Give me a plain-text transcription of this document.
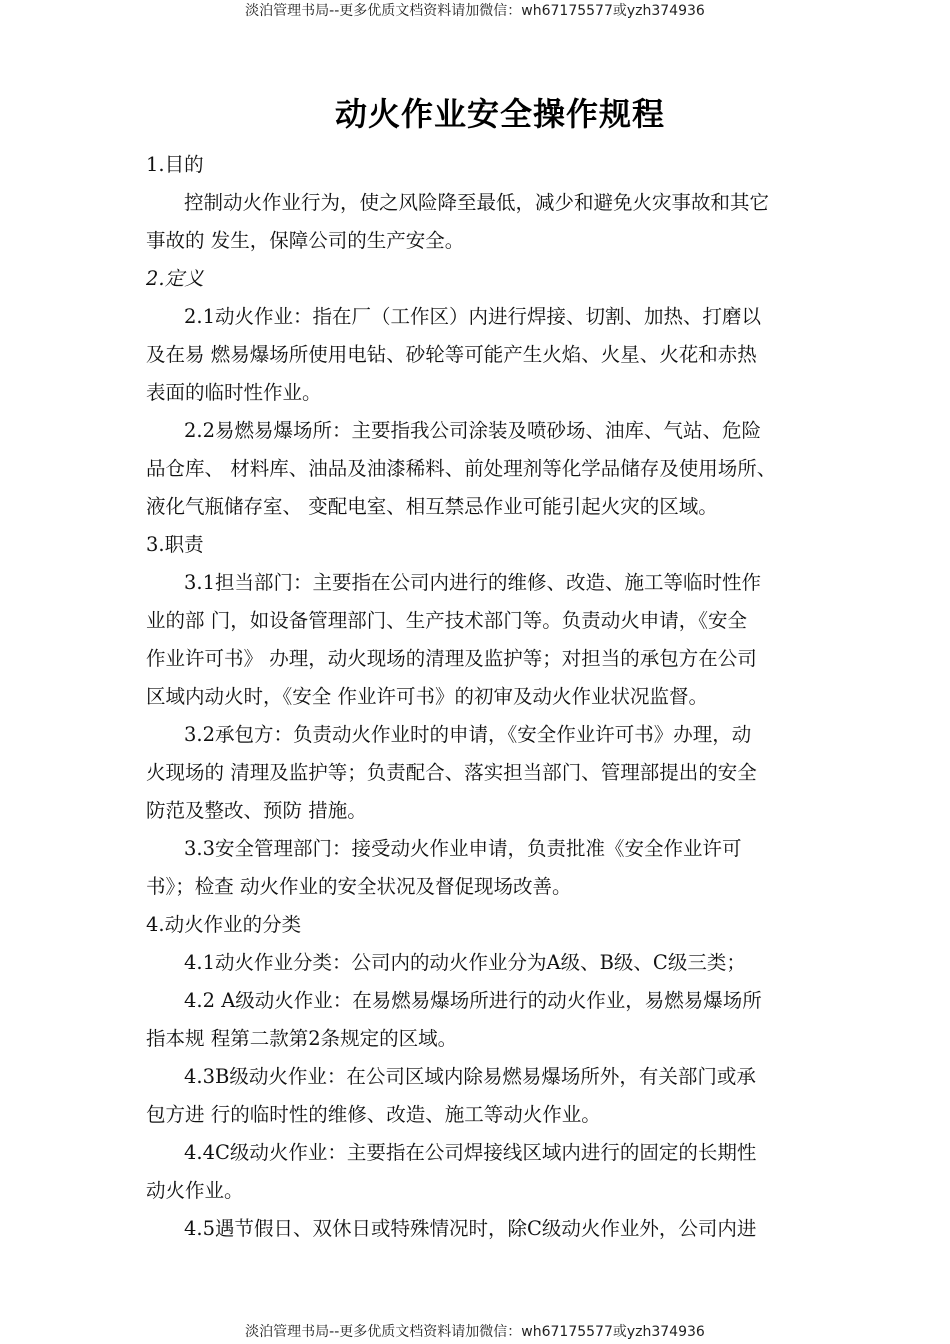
淡泊管理书局--更多优质文档资料请加微信：wh67175577或yzh374936
动火作业安全操作规程

1.目的

控制动火作业行为，使之风险降至最低，减少和避免火灾事故和其它

事故的 发生，保障公司的生产安全。

2.定义

2.1动火作业：指在厂（工作区）内进行焊接、切割、加热、打磨以

及在易 燃易爆场所使用电钻、砂轮等可能产生火焰、火星、火花和赤热

表面的临时性作业。

2.2易燃易爆场所：主要指我公司涂装及喷砂场、油库、气站、危险

品仓库、 材料库、油品及油漆稀料、前处理剂等化学品储存及使用场所、

液化气瓶储存室、 变配电室、相互禁忌作业可能引起火灾的区域。

3.职责

3.1担当部门：主要指在公司内进行的维修、改造、施工等临时性作

业的部 门，如设备管理部门、生产技术部门等。负责动火申请，《安全

作业许可书》 办理，动火现场的清理及监护等；对担当的承包方在公司

区域内动火时，《安全 作业许可书》的初审及动火作业状况监督。

3.2承包方：负责动火作业时的申请，《安全作业许可书》办理，动

火现场的 清理及监护等；负责配合、落实担当部门、管理部提出的安全

防范及整改、预防 措施。

3.3安全管理部门：接受动火作业申请，负责批准《安全作业许可

书》；检查 动火作业的安全状况及督促现场改善。

4.动火作业的分类

4.1动火作业分类：公司内的动火作业分为A级、B级、C级三类；

4.2 A级动火作业：在易燃易爆场所进行的动火作业，易燃易爆场所

指本规 程第二款第2条规定的区域。

4.3B级动火作业：在公司区域内除易燃易爆场所外，有关部门或承

包方进 行的临时性的维修、改造、施工等动火作业。

4.4C级动火作业：主要指在公司焊接线区域内进行的固定的长期性

动火作业。

4.5遇节假日、双休日或特殊情况时，除C级动火作业外，公司内进

淡泊管理书局--更多优质文档资料请加微信：wh67175577或yzh374936
